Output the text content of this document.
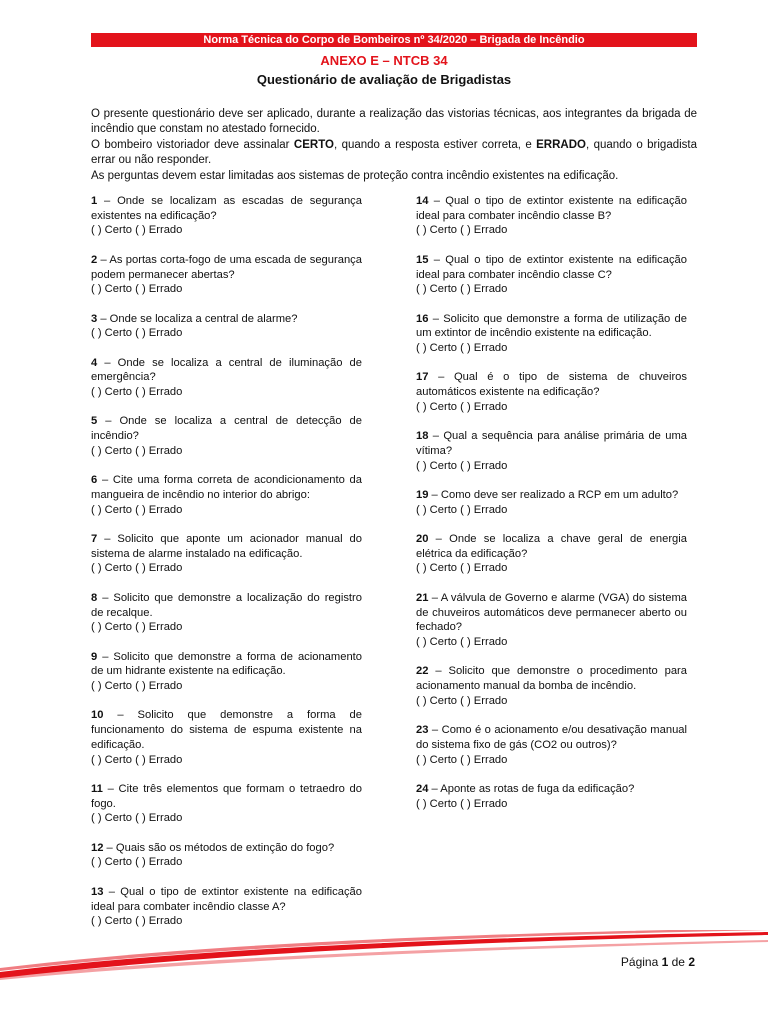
Norma Técnica do Corpo de Bombeiros nº 34/2020 – Brigada de Incêndio
ANEXO E – NTCB 34
Questionário de avaliação de Brigadistas

O presente questionário deve ser aplicado, durante a realização das vistorias técnicas, aos integrantes da brigada de incêndio que constam no atestado fornecido.

O bombeiro vistoriador deve assinalar CERTO, quando a resposta estiver correta, e ERRADO, quando o brigadista errar ou não responder.

As perguntas devem estar limitadas aos sistemas de proteção contra incêndio existentes na edificação.

1 – Onde se localizam as escadas de segurança existentes na edificação?
( ) Certo ( ) Errado
2 – As portas corta-fogo de uma escada de segurança podem permanecer abertas?
( ) Certo ( ) Errado
3 – Onde se localiza a central de alarme?
( ) Certo ( ) Errado
4 – Onde se localiza a central de iluminação de emergência?
( ) Certo ( ) Errado
5 – Onde se localiza a central de detecção de incêndio?
( ) Certo ( ) Errado
6 – Cite uma forma correta de acondicionamento da mangueira de incêndio no interior do abrigo:
( ) Certo ( ) Errado
7 – Solicito que aponte um acionador manual do sistema de alarme instalado na edificação.
( ) Certo ( ) Errado
8 – Solicito que demonstre a localização do registro de recalque.
( ) Certo ( ) Errado
9 – Solicito que demonstre a forma de acionamento de um hidrante existente na edificação.
( ) Certo ( ) Errado
10 – Solicito que demonstre a forma de funcionamento do sistema de espuma existente na edificação.
( ) Certo ( ) Errado
11 – Cite três elementos que formam o tetraedro do fogo.
( ) Certo ( ) Errado
12 – Quais são os métodos de extinção do fogo?
( ) Certo ( ) Errado
13 – Qual o tipo de extintor existente na edificação ideal para combater incêndio classe A?
( ) Certo ( ) Errado
14 – Qual o tipo de extintor existente na edificação ideal para combater incêndio classe B?
( ) Certo ( ) Errado
15 – Qual o tipo de extintor existente na edificação ideal para combater incêndio classe C?
( ) Certo ( ) Errado
16 – Solicito que demonstre a forma de utilização de um extintor de incêndio existente na edificação.
( ) Certo ( ) Errado
17 – Qual é o tipo de sistema de chuveiros automáticos existente na edificação?
( ) Certo ( ) Errado
18 – Qual a sequência para análise primária de uma vítima?
( ) Certo ( ) Errado
19 – Como deve ser realizado a RCP em um adulto?
( ) Certo ( ) Errado
20 – Onde se localiza a chave geral de energia elétrica da edificação?
( ) Certo ( ) Errado
21 – A válvula de Governo e alarme (VGA) do sistema de chuveiros automáticos deve permanecer aberto ou fechado?
( ) Certo ( ) Errado
22 – Solicito que demonstre o procedimento para acionamento manual da bomba de incêndio.
( ) Certo ( ) Errado
23 – Como é o acionamento e/ou desativação manual do sistema fixo de gás (CO2 ou outros)?
( ) Certo ( ) Errado
24 – Aponte as rotas de fuga da edificação?
( ) Certo ( ) Errado
Página 1 de 2
